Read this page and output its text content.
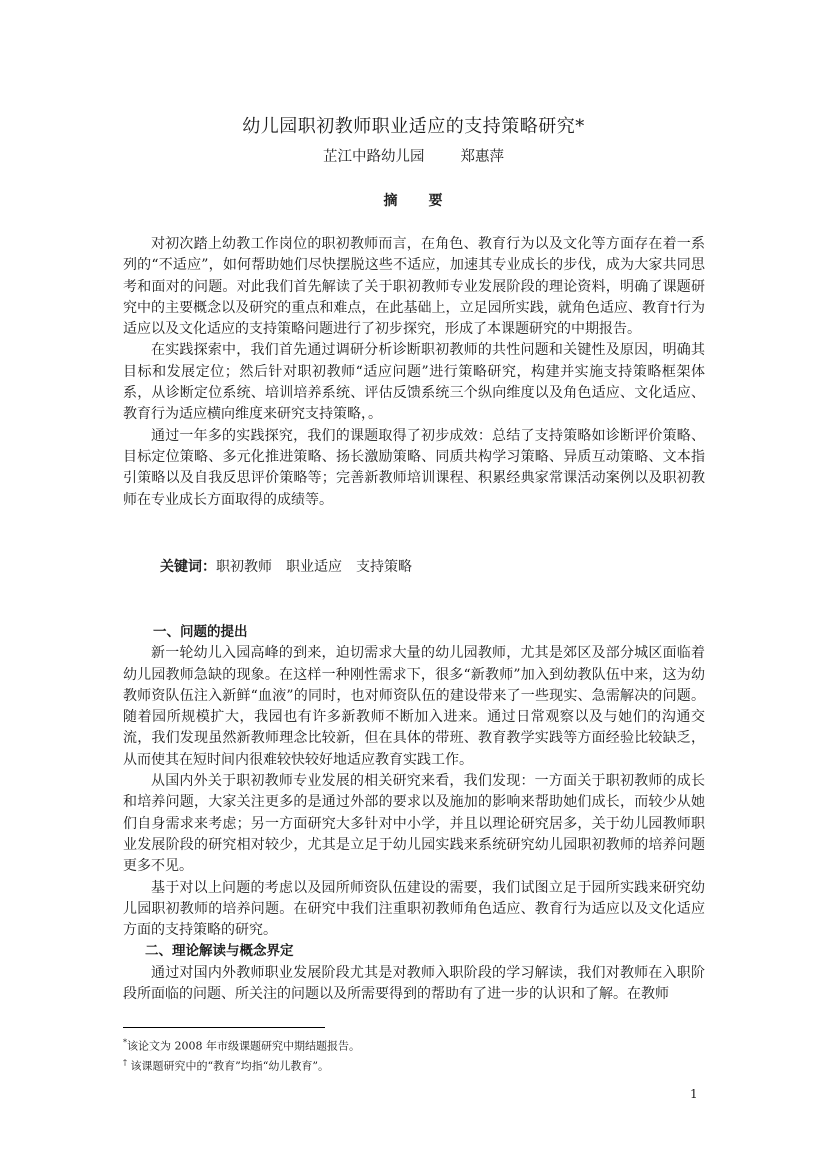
幼儿园职初教师职业适应的支持策略研究*
芷江中路幼儿园 郑惠萍
摘 要

对初次踏上幼教工作岗位的职初教师而言，在角色、教育行为以及文化等方面存在着一系列的“不适应”，如何帮助她们尽快摆脱这些不适应，加速其专业成长的步伐，成为大家共同思考和面对的问题。对此我们首先解读了关于职初教师专业发展阶段的理论资料，明确了课题研究中的主要概念以及研究的重点和难点，在此基础上，立足园所实践，就角色适应、教育†行为适应以及文化适应的支持策略问题进行了初步探究，形成了本课题研究的中期报告。

在实践探索中，我们首先通过调研分析诊断职初教师的共性问题和关键性及原因，明确其目标和发展定位；然后针对职初教师“适应问题”进行策略研究，构建并实施支持策略框架体系，从诊断定位系统、培训培养系统、评估反馈系统三个纵向维度以及角色适应、文化适应、教育行为适应横向维度来研究支持策略，。

通过一年多的实践探究，我们的课题取得了初步成效：总结了支持策略如诊断评价策略、目标定位策略、多元化推进策略、扬长激励策略、同质共构学习策略、异质互动策略、文本指引策略以及自我反思评价策略等；完善新教师培训课程、积累经典家常课活动案例以及职初教师在专业成长方面取得的成绩等。

关键词：职初教师 职业适应 支持策略
一、问题的提出

新一轮幼儿入园高峰的到来，迫切需求大量的幼儿园教师，尤其是郊区及部分城区面临着幼儿园教师急缺的现象。在这样一种刚性需求下，很多“新教师”加入到幼教队伍中来，这为幼教师资队伍注入新鲜“血液”的同时，也对师资队伍的建设带来了一些现实、急需解决的问题。随着园所规模扩大，我园也有许多新教师不断加入进来。通过日常观察以及与她们的沟通交流，我们发现虽然新教师理念比较新，但在具体的带班、教育教学实践等方面经验比较缺乏，从而使其在短时间内很难较快较好地适应教育实践工作。

从国内外关于职初教师专业发展的相关研究来看，我们发现：一方面关于职初教师的成长和培养问题，大家关注更多的是通过外部的要求以及施加的影响来帮助她们成长，而较少从她们自身需求来考虑；另一方面研究大多针对中小学，并且以理论研究居多，关于幼儿园教师职业发展阶段的研究相对较少，尤其是立足于幼儿园实践来系统研究幼儿园职初教师的培养问题更多不见。

基于对以上问题的考虑以及园所师资队伍建设的需要，我们试图立足于园所实践来研究幼儿园职初教师的培养问题。在研究中我们注重职初教师角色适应、教育行为适应以及文化适应方面的支持策略的研究。

二、理论解读与概念界定

通过对国内外教师职业发展阶段尤其是对教师入职阶段的学习解读，我们对教师在入职阶段所面临的问题、所关注的问题以及所需要得到的帮助有了进一步的认识和了解。在教师

*该论文为 2008 年市级课题研究中期结题报告。
† 该课题研究中的“教育”均指“幼儿教育”。
1
